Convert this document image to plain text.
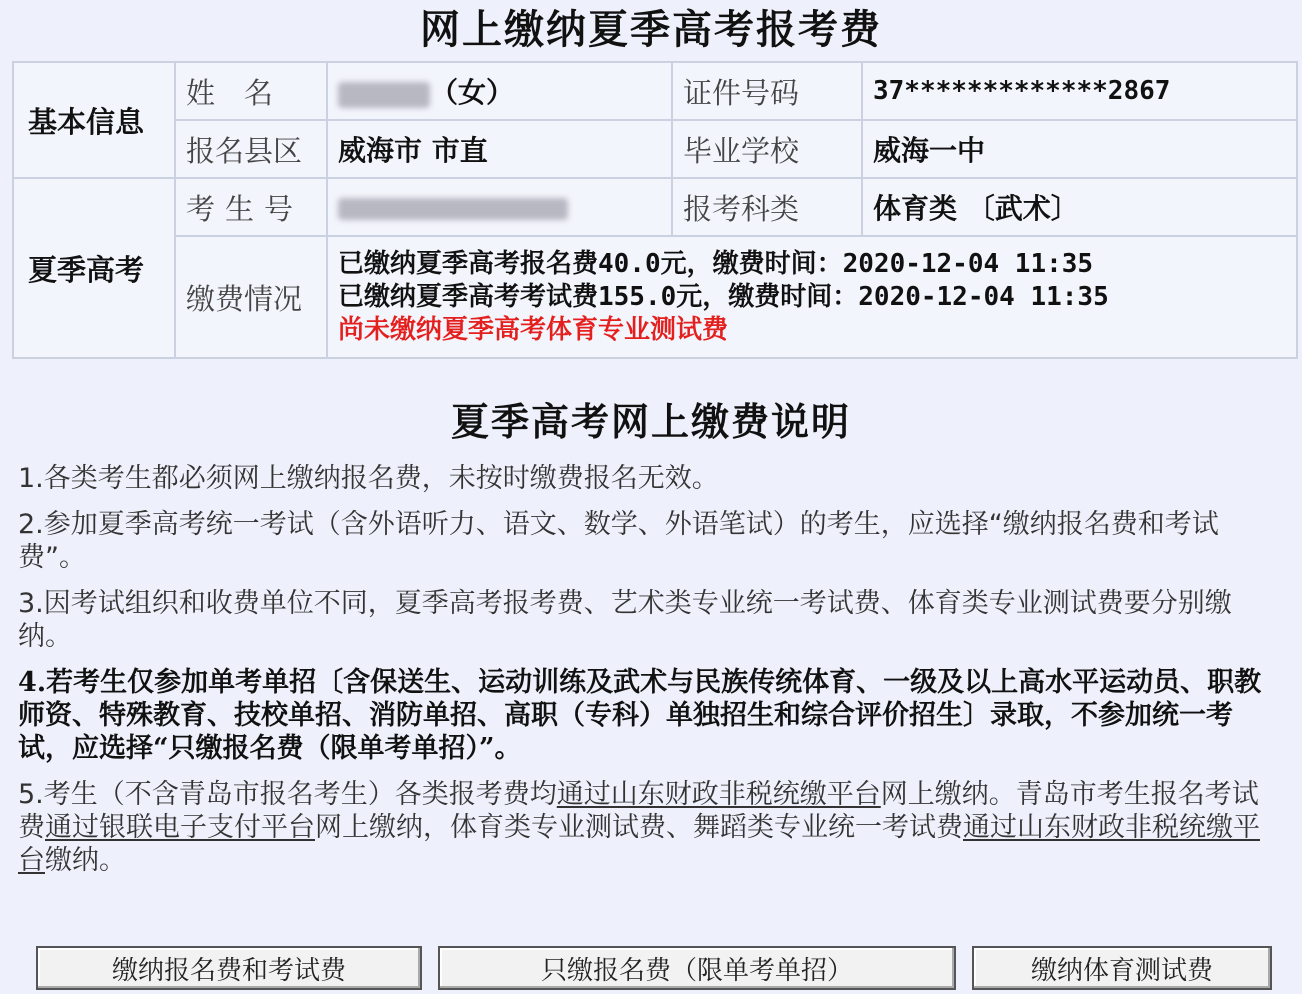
网上缴纳夏季高考报考费
基本信息	姓　名	（女）	证件号码	37*************2867
	报名县区	威海市 市直	毕业学校	威海一中
夏季高考	考生号		报考科类	体育类 〔武术〕
	缴费情况	已缴纳夏季高考报名费40.0元，缴费时间：2020-12-04 11:35
已缴纳夏季高考考试费155.0元，缴费时间：2020-12-04 11:35
尚未缴纳夏季高考体育专业测试费		
夏季高考网上缴费说明
1.各类考生都必须网上缴纳报名费，未按时缴费报名无效。
2.参加夏季高考统一考试（含外语听力、语文、数学、外语笔试）的考生，应选择“缴纳报名费和考试费”。
3.因考试组织和收费单位不同，夏季高考报考费、艺术类专业统一考试费、体育类专业测试费要分别缴纳。
4.若考生仅参加单考单招〔含保送生、运动训练及武术与民族传统体育、一级及以上高水平运动员、职教师资、特殊教育、技校单招、消防单招、高职（专科）单独招生和综合评价招生〕录取，不参加统一考试，应选择“只缴报名费（限单考单招）”。
5.考生（不含青岛市报名考生）各类报考费均通过山东财政非税统缴平台网上缴纳。青岛市考生报名考试费通过银联电子支付平台网上缴纳，体育类专业测试费、舞蹈类专业统一考试费通过山东财政非税统缴平台缴纳。
缴纳报名费和考试费	只缴报名费（限单考单招）	缴纳体育测试费
